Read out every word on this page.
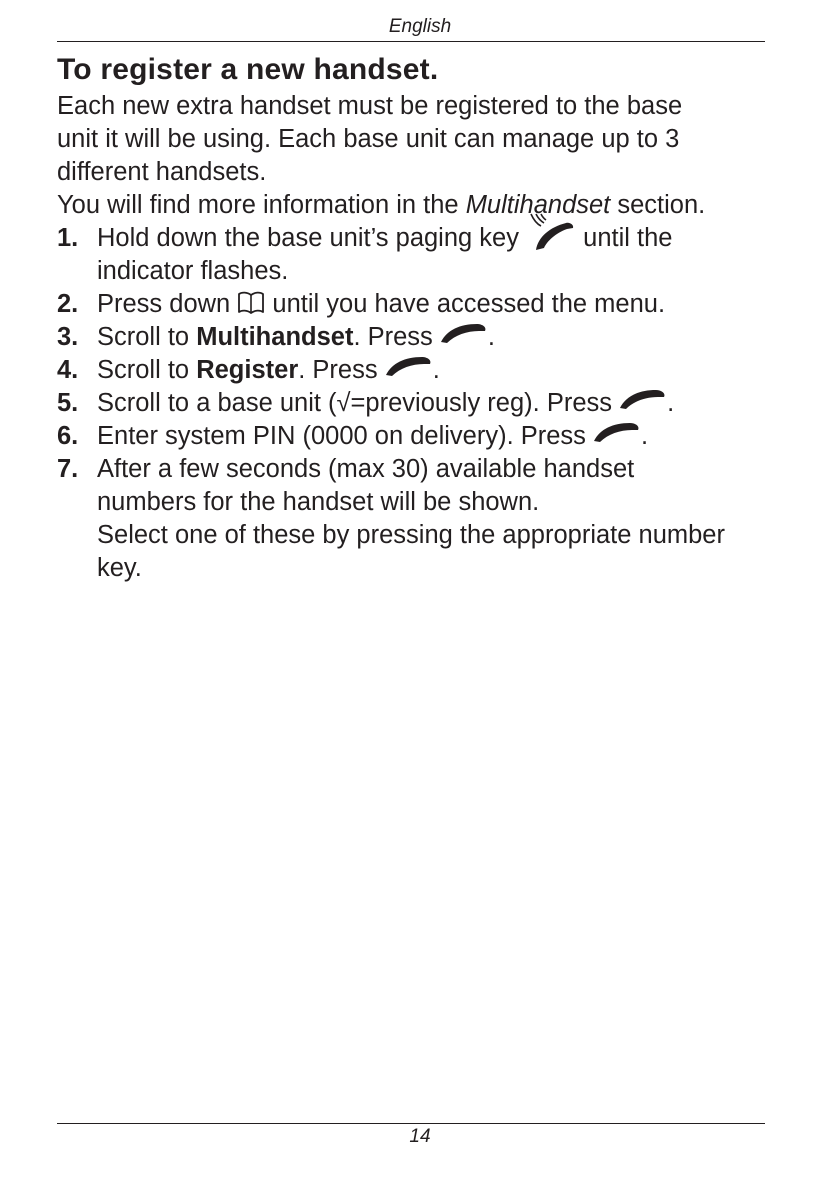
English
To register a new handset.

Each new extra handset must be registered to the base

unit it will be using. Each base unit can manage up to 3

different handsets.

You will find more information in the Multihandset section.

1. Hold down the base unit’s paging key
until the
indicator flashes.
2. Press down
until you have accessed the menu.
3. Scroll to Multihandset. Press
.
4. Scroll to Register. Press
.
5. Scroll to a base unit (√=previously reg). Press
.
6. Enter system PIN (0000 on delivery). Press
.
7. After a few seconds (max 30) available handset
numbers for the handset will be shown.
Select one of these by pressing the appropriate number
key.
14
